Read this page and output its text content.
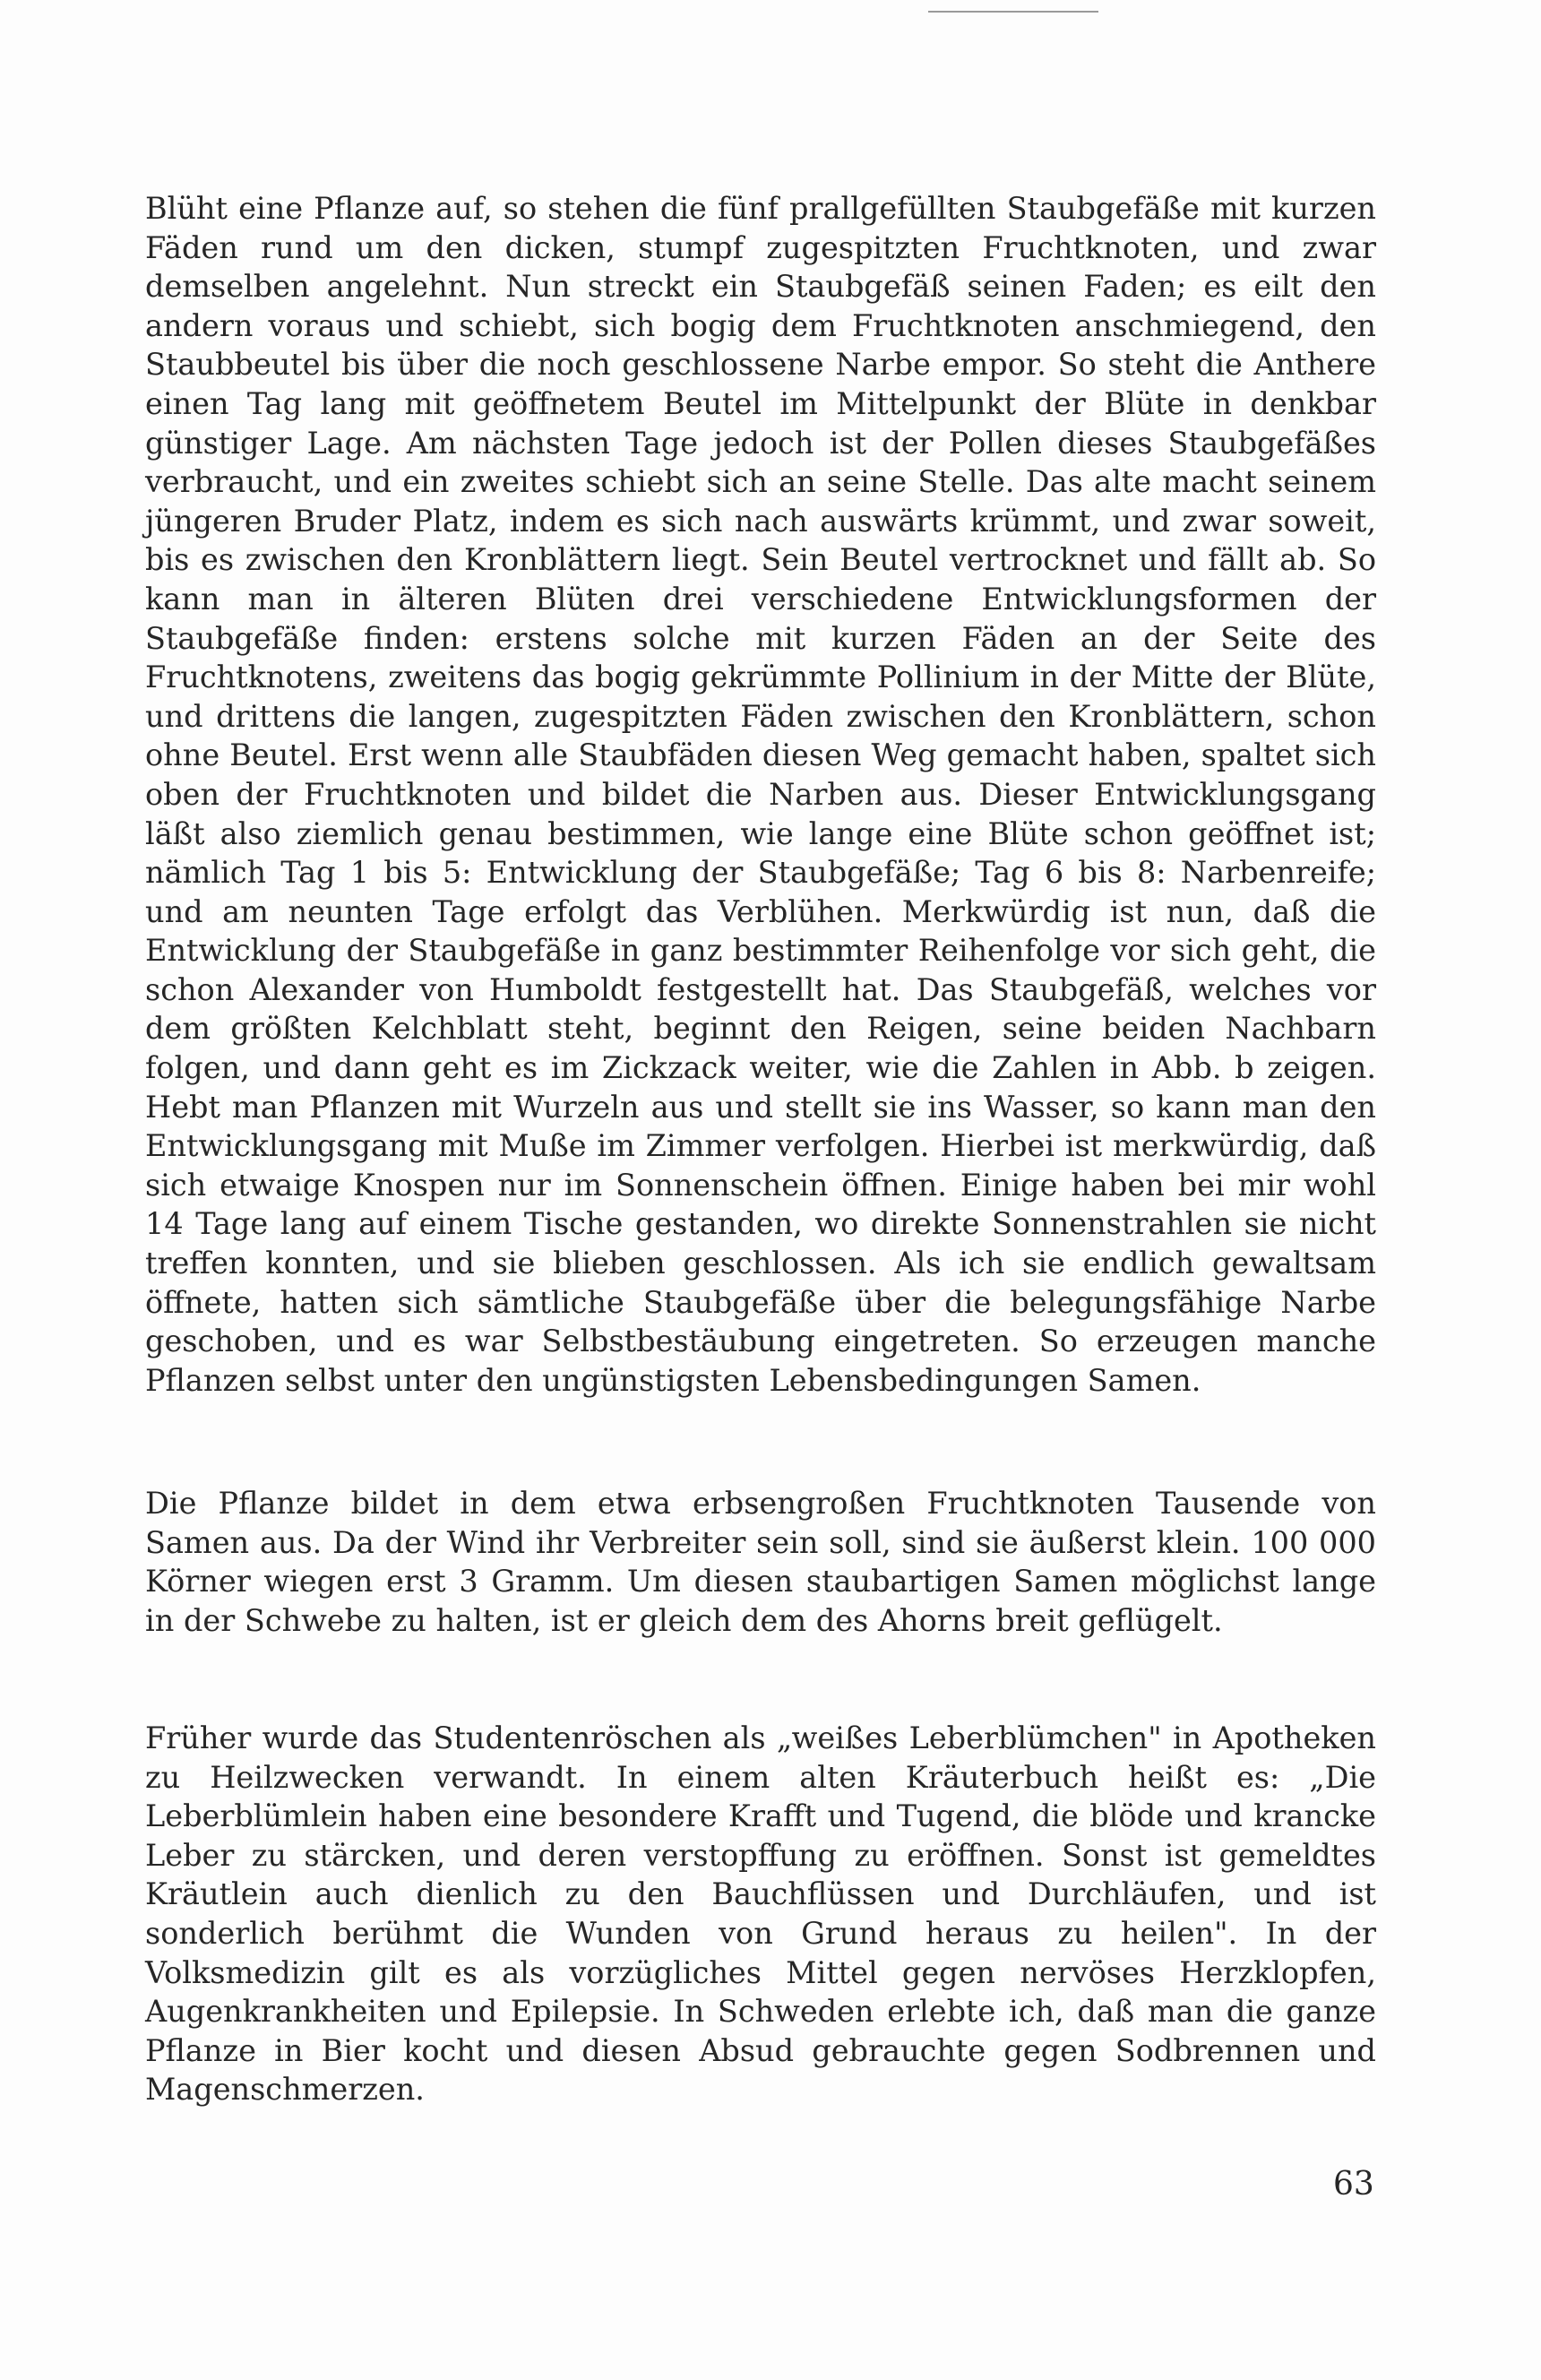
Blüht eine Pflanze auf, so stehen die fünf prallgefüllten Staubgefäße mit kurzen Fäden rund um den dicken, stumpf zugespitzten Fruchtknoten, und zwar demselben angelehnt. Nun streckt ein Staubgefäß seinen Faden; es eilt den andern voraus und schiebt, sich bogig dem Fruchtknoten anschmiegend, den Staubbeutel bis über die noch geschlossene Narbe empor. So steht die Anthere einen Tag lang mit geöffnetem Beutel im Mittelpunkt der Blüte in denkbar günstiger Lage. Am nächsten Tage jedoch ist der Pollen dieses Staubgefäßes verbraucht, und ein zweites schiebt sich an seine Stelle. Das alte macht seinem jüngeren Bruder Platz, indem es sich nach auswärts krümmt, und zwar soweit, bis es zwischen den Kronblättern liegt. Sein Beutel vertrocknet und fällt ab. So kann man in älteren Blüten drei verschiedene Entwicklungsformen der Staubgefäße finden: erstens solche mit kurzen Fäden an der Seite des Fruchtknotens, zweitens das bogig gekrümmte Pollinium in der Mitte der Blüte, und drittens die langen, zugespitzten Fäden zwischen den Kronblättern, schon ohne Beutel. Erst wenn alle Staubfäden diesen Weg gemacht haben, spaltet sich oben der Fruchtknoten und bildet die Narben aus. Dieser Entwicklungsgang läßt also ziemlich genau bestimmen, wie lange eine Blüte schon geöffnet ist; nämlich Tag 1 bis 5: Entwicklung der Staubgefäße; Tag 6 bis 8: Narbenreife; und am neunten Tage erfolgt das Verblühen. Merkwürdig ist nun, daß die Entwicklung der Staubgefäße in ganz bestimmter Reihenfolge vor sich geht, die schon Alexander von Humboldt festgestellt hat. Das Staubgefäß, welches vor dem größten Kelchblatt steht, beginnt den Reigen, seine beiden Nachbarn folgen, und dann geht es im Zickzack weiter, wie die Zahlen in Abb. b zeigen. Hebt man Pflanzen mit Wurzeln aus und stellt sie ins Wasser, so kann man den Entwicklungsgang mit Muße im Zimmer verfolgen. Hierbei ist merkwürdig, daß sich etwaige Knospen nur im Sonnenschein öffnen. Einige haben bei mir wohl 14 Tage lang auf einem Tische gestanden, wo direkte Sonnenstrahlen sie nicht treffen konnten, und sie blieben geschlossen. Als ich sie endlich gewaltsam öffnete, hatten sich sämtliche Staubgefäße über die belegungsfähige Narbe geschoben, und es war Selbstbestäubung eingetreten. So erzeugen manche Pflanzen selbst unter den ungünstigsten Lebensbedingungen Samen.

Die Pflanze bildet in dem etwa erbsengroßen Fruchtknoten Tausende von Samen aus. Da der Wind ihr Verbreiter sein soll, sind sie äußerst klein. 100 000 Körner wiegen erst 3 Gramm. Um diesen staubartigen Samen möglichst lange in der Schwebe zu halten, ist er gleich dem des Ahorns breit geflügelt.

Früher wurde das Studentenröschen als „weißes Leberblümchen" in Apotheken zu Heilzwecken verwandt. In einem alten Kräuterbuch heißt es: „Die Leberblümlein haben eine besondere Krafft und Tugend, die blöde und krancke Leber zu stärcken, und deren verstopffung zu eröffnen. Sonst ist gemeldtes Kräutlein auch dienlich zu den Bauchflüssen und Durchläufen, und ist sonderlich berühmt die Wunden von Grund heraus zu heilen". In der Volksmedizin gilt es als vorzügliches Mittel gegen nervöses Herzklopfen, Augenkrankheiten und Epilepsie. In Schweden erlebte ich, daß man die ganze Pflanze in Bier kocht und diesen Absud gebrauchte gegen Sodbrennen und Magenschmerzen.

63
